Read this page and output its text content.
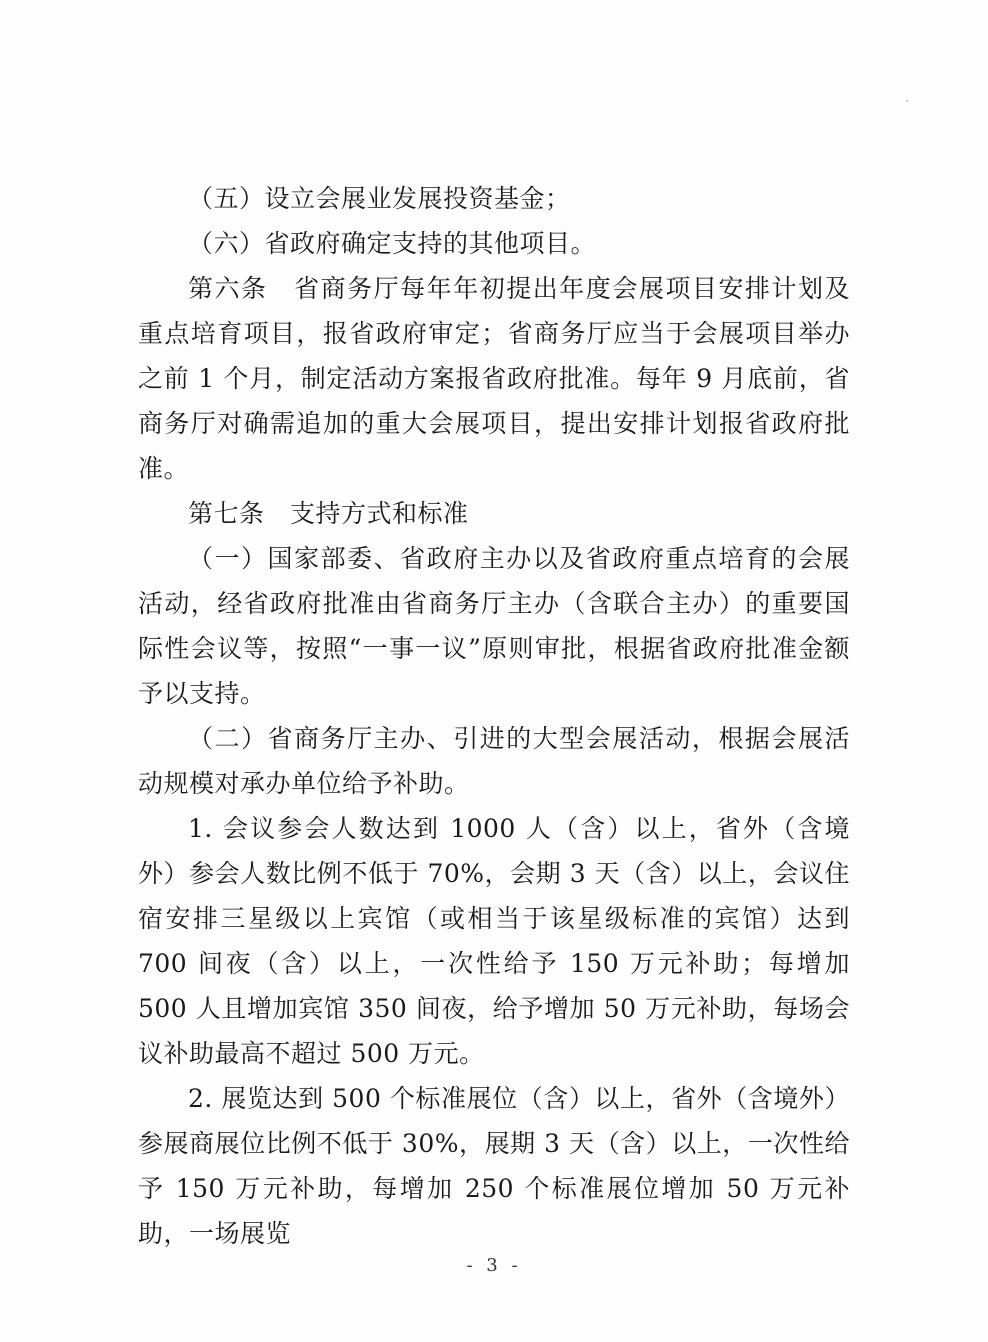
（五）设立会展业发展投资基金；

（六）省政府确定支持的其他项目。

第六条　省商务厅每年年初提出年度会展项目安排计划及重点培育项目，报省政府审定；省商务厅应当于会展项目举办之前 1 个月，制定活动方案报省政府批准。每年 9 月底前，省商务厅对确需追加的重大会展项目，提出安排计划报省政府批准。

第七条　支持方式和标准

（一）国家部委、省政府主办以及省政府重点培育的会展活动，经省政府批准由省商务厅主办（含联合主办）的重要国际性会议等，按照“一事一议”原则审批，根据省政府批准金额予以支持。

（二）省商务厅主办、引进的大型会展活动，根据会展活动规模对承办单位给予补助。

1. 会议参会人数达到 1000 人（含）以上，省外（含境外）参会人数比例不低于 70%，会期 3 天（含）以上，会议住宿安排三星级以上宾馆（或相当于该星级标准的宾馆）达到 700 间夜（含）以上，一次性给予 150 万元补助；每增加 500 人且增加宾馆 350 间夜，给予增加 50 万元补助，每场会议补助最高不超过 500 万元。

2. 展览达到 500 个标准展位（含）以上，省外（含境外）参展商展位比例不低于 30%，展期 3 天（含）以上，一次性给予 150 万元补助，每增加 250 个标准展位增加 50 万元补助，一场展览

- 3 -
